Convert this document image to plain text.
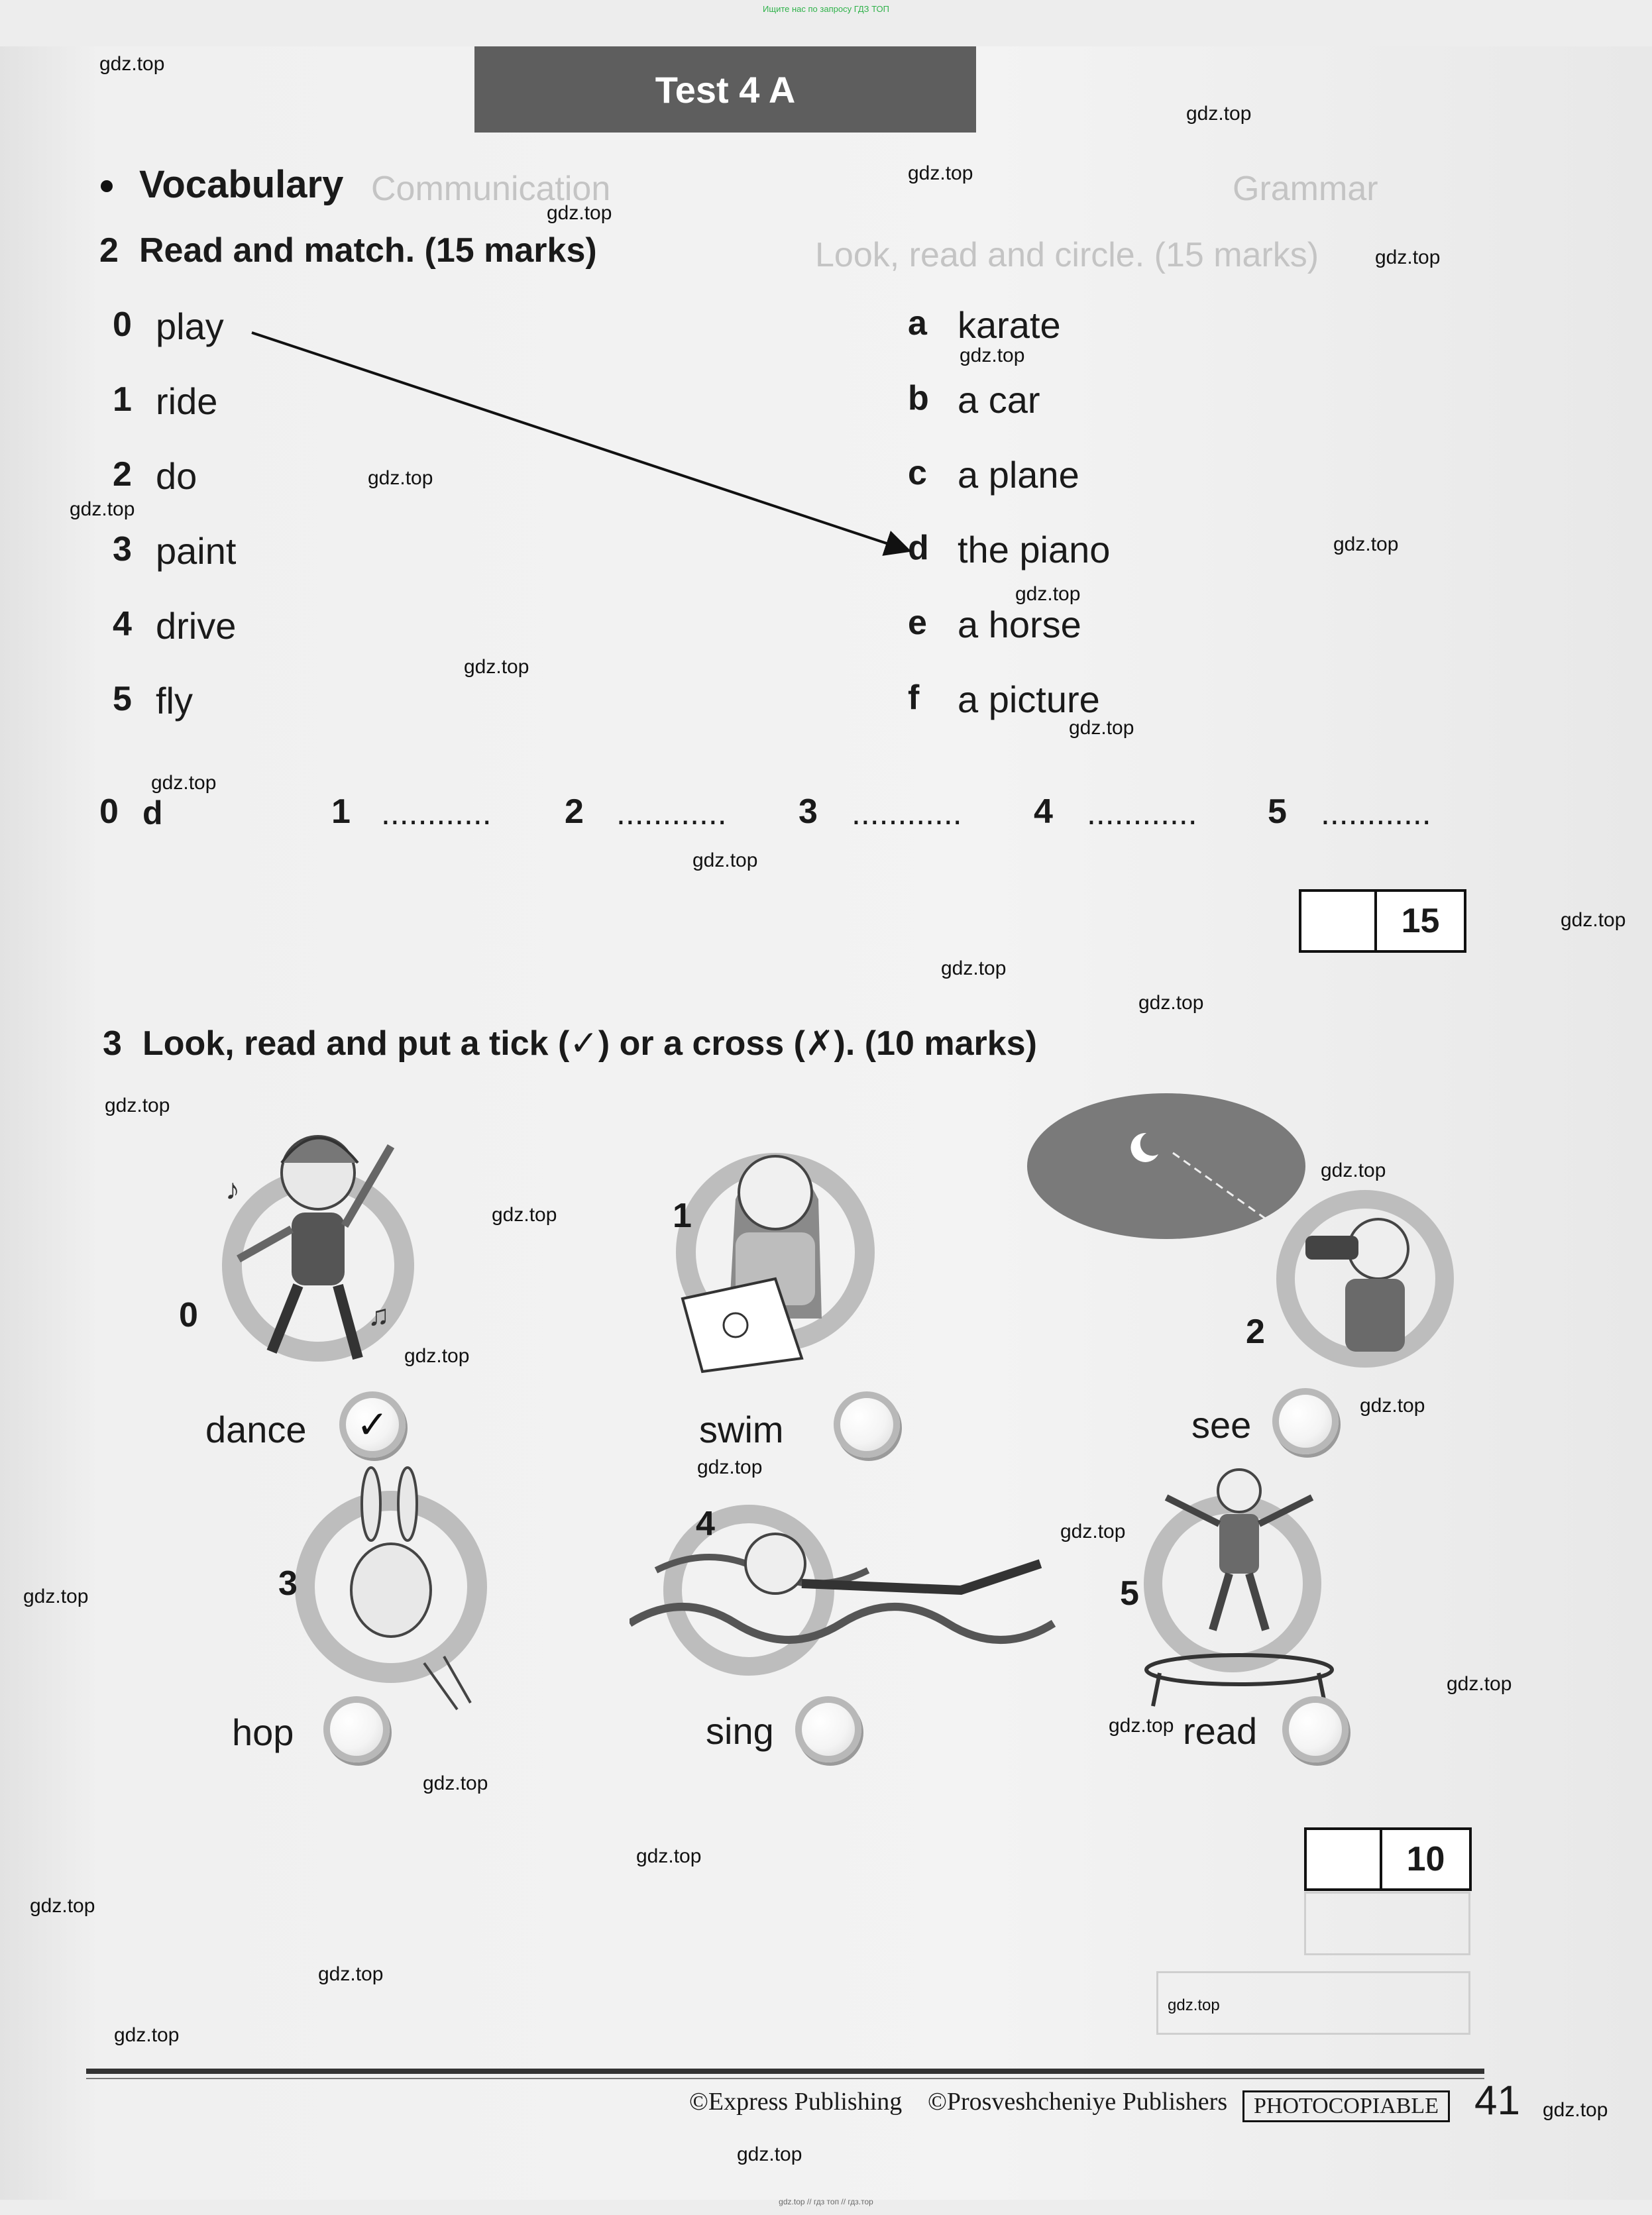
Ищите нас по запросу ГДЗ ТОП
Grammar
Look, read and circle. (15 marks)
Communication
Test 4 A
Vocabulary
2 Read and match. (15 marks)
0 play
1 ride
2 do
3 paint
4 drive
5 fly
a karate
b a car
c a plane
d the piano
e a horse
f a picture
0 d	1 ............ 2 ............ 3 ............ 4 ............ 5 ............
15
3 Look, read and put a tick (✓) or a cross (✗). (10 marks)
♪
♫
0
1
2
3
4
5
dance	swim	see
hop	sing	read
✓
10
©Express Publishing ©Prosveshcheniye Publishers	PHOTOCOPIABLE 41
gdz.top // гдз топ // гдз.тор
gdz.top
gdz.top
gdz.top
gdz.top
gdz.top
gdz.top
gdz.top
gdz.top
gdz.top
gdz.top
gdz.top
gdz.top
gdz.top
gdz.top
gdz.top
gdz.top
gdz.top
gdz.top
gdz.top
gdz.top
gdz.top
gdz.top
gdz.top
gdz.top
gdz.top
gdz.top
gdz.top
gdz.top
gdz.top
gdz.top
gdz.top
gdz.top
gdz.top
gdz.top
gdz.top
